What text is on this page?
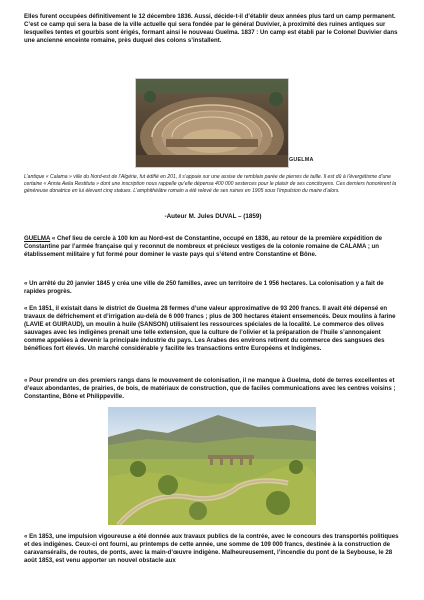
Elles furent occupées définitivement le 12 décembre 1836. Aussi, décide-t-il d’établir deux années plus tard un camp permanent. C’est ce camp qui sera la base de la ville actuelle qui sera fondée par le général Duvivier, à proximité des ruines antiques sur lesquelles tentes et gourbis sont érigés, formant ainsi le nouveau Guelma. 1837 : Un camp est établi par le Colonel Duvivier dans une ancienne enceinte romaine, près duquel des colons s’installent.

GUELMA

L’antique « Calama » ville du Nord-est de l’Algérie, fut édifié en 201, il s’appuie sur une assise de remblais parée de pierres de taille. Il est dû à l’évergétisme d’une certaine « Annia Aelia Restituta » dont une inscription nous rappelle qu’elle dépensa 400 000 sesterces pour le plaisir de ses concitoyens. Ces derniers honorèrent la généreuse donatrice en lui élevant cinq statues. L’amphithéâtre romain a été relevé de ses ruines en 1905 sous l’impulsion du maire d’alors.

-Auteur M. Jules DUVAL – (1859)

GUELMA « Chef lieu de cercle à 100 km au Nord-est de Constantine, occupé en 1836, au retour de la première expédition de Constantine par l’armée française qui y reconnut de nombreux et précieux vestiges de la colonie romaine de CALAMA ; un établissement militaire y fut formé pour dominer le vaste pays qui s’étend entre Constantine et Bône.

« Un arrêté du 20 janvier 1845 y créa une ville de 250 familles, avec un territoire de 1 956 hectares. La colonisation y a fait de rapides progrès.

« En 1851, il existait dans le district de Guelma 28 fermes d’une valeur approximative de 93 200 francs. Il avait été dépensé en travaux de défrichement et d’irrigation au-delà de 6 000 francs ; plus de 300 hectares étaient ensemencés. Deux moulins à farine (LAVIE et GUIRAUD), un moulin à huile (SANSON) utilisaient les ressources spéciales de la localité. Le commerce des olives sauvages avec les indigènes prenait une telle extension, que la culture de l’olivier et la préparation de l’huile s’annonçaient comme appelées à devenir la principale industrie du pays. Les Arabes des environs retirent du commerce des sangsues des bénéfices fort élevés. Un marché considérable y facilite les transactions entre Européens et Indigènes.

« Pour prendre un des premiers rangs dans le mouvement de colonisation, il ne manque à Guelma, doté de terres excellentes et d’eaux abondantes, de prairies, de bois, de matériaux de construction, que de faciles communications avec les centres voisins ; Constantine, Bône et Philippeville.

« En 1853, une impulsion vigoureuse a été donnée aux travaux publics de la contrée, avec le concours des transportés politiques et des indigènes. Ceux-ci ont fourni, au printemps de cette année, une somme de 109 000 francs, destinée à la construction de caravansérails, de routes, de ponts, avec la main-d’œuvre indigène. Malheureusement, l’incendie du pont de la Seybouse, le 28 août 1853, est venu apporter un nouvel obstacle aux
